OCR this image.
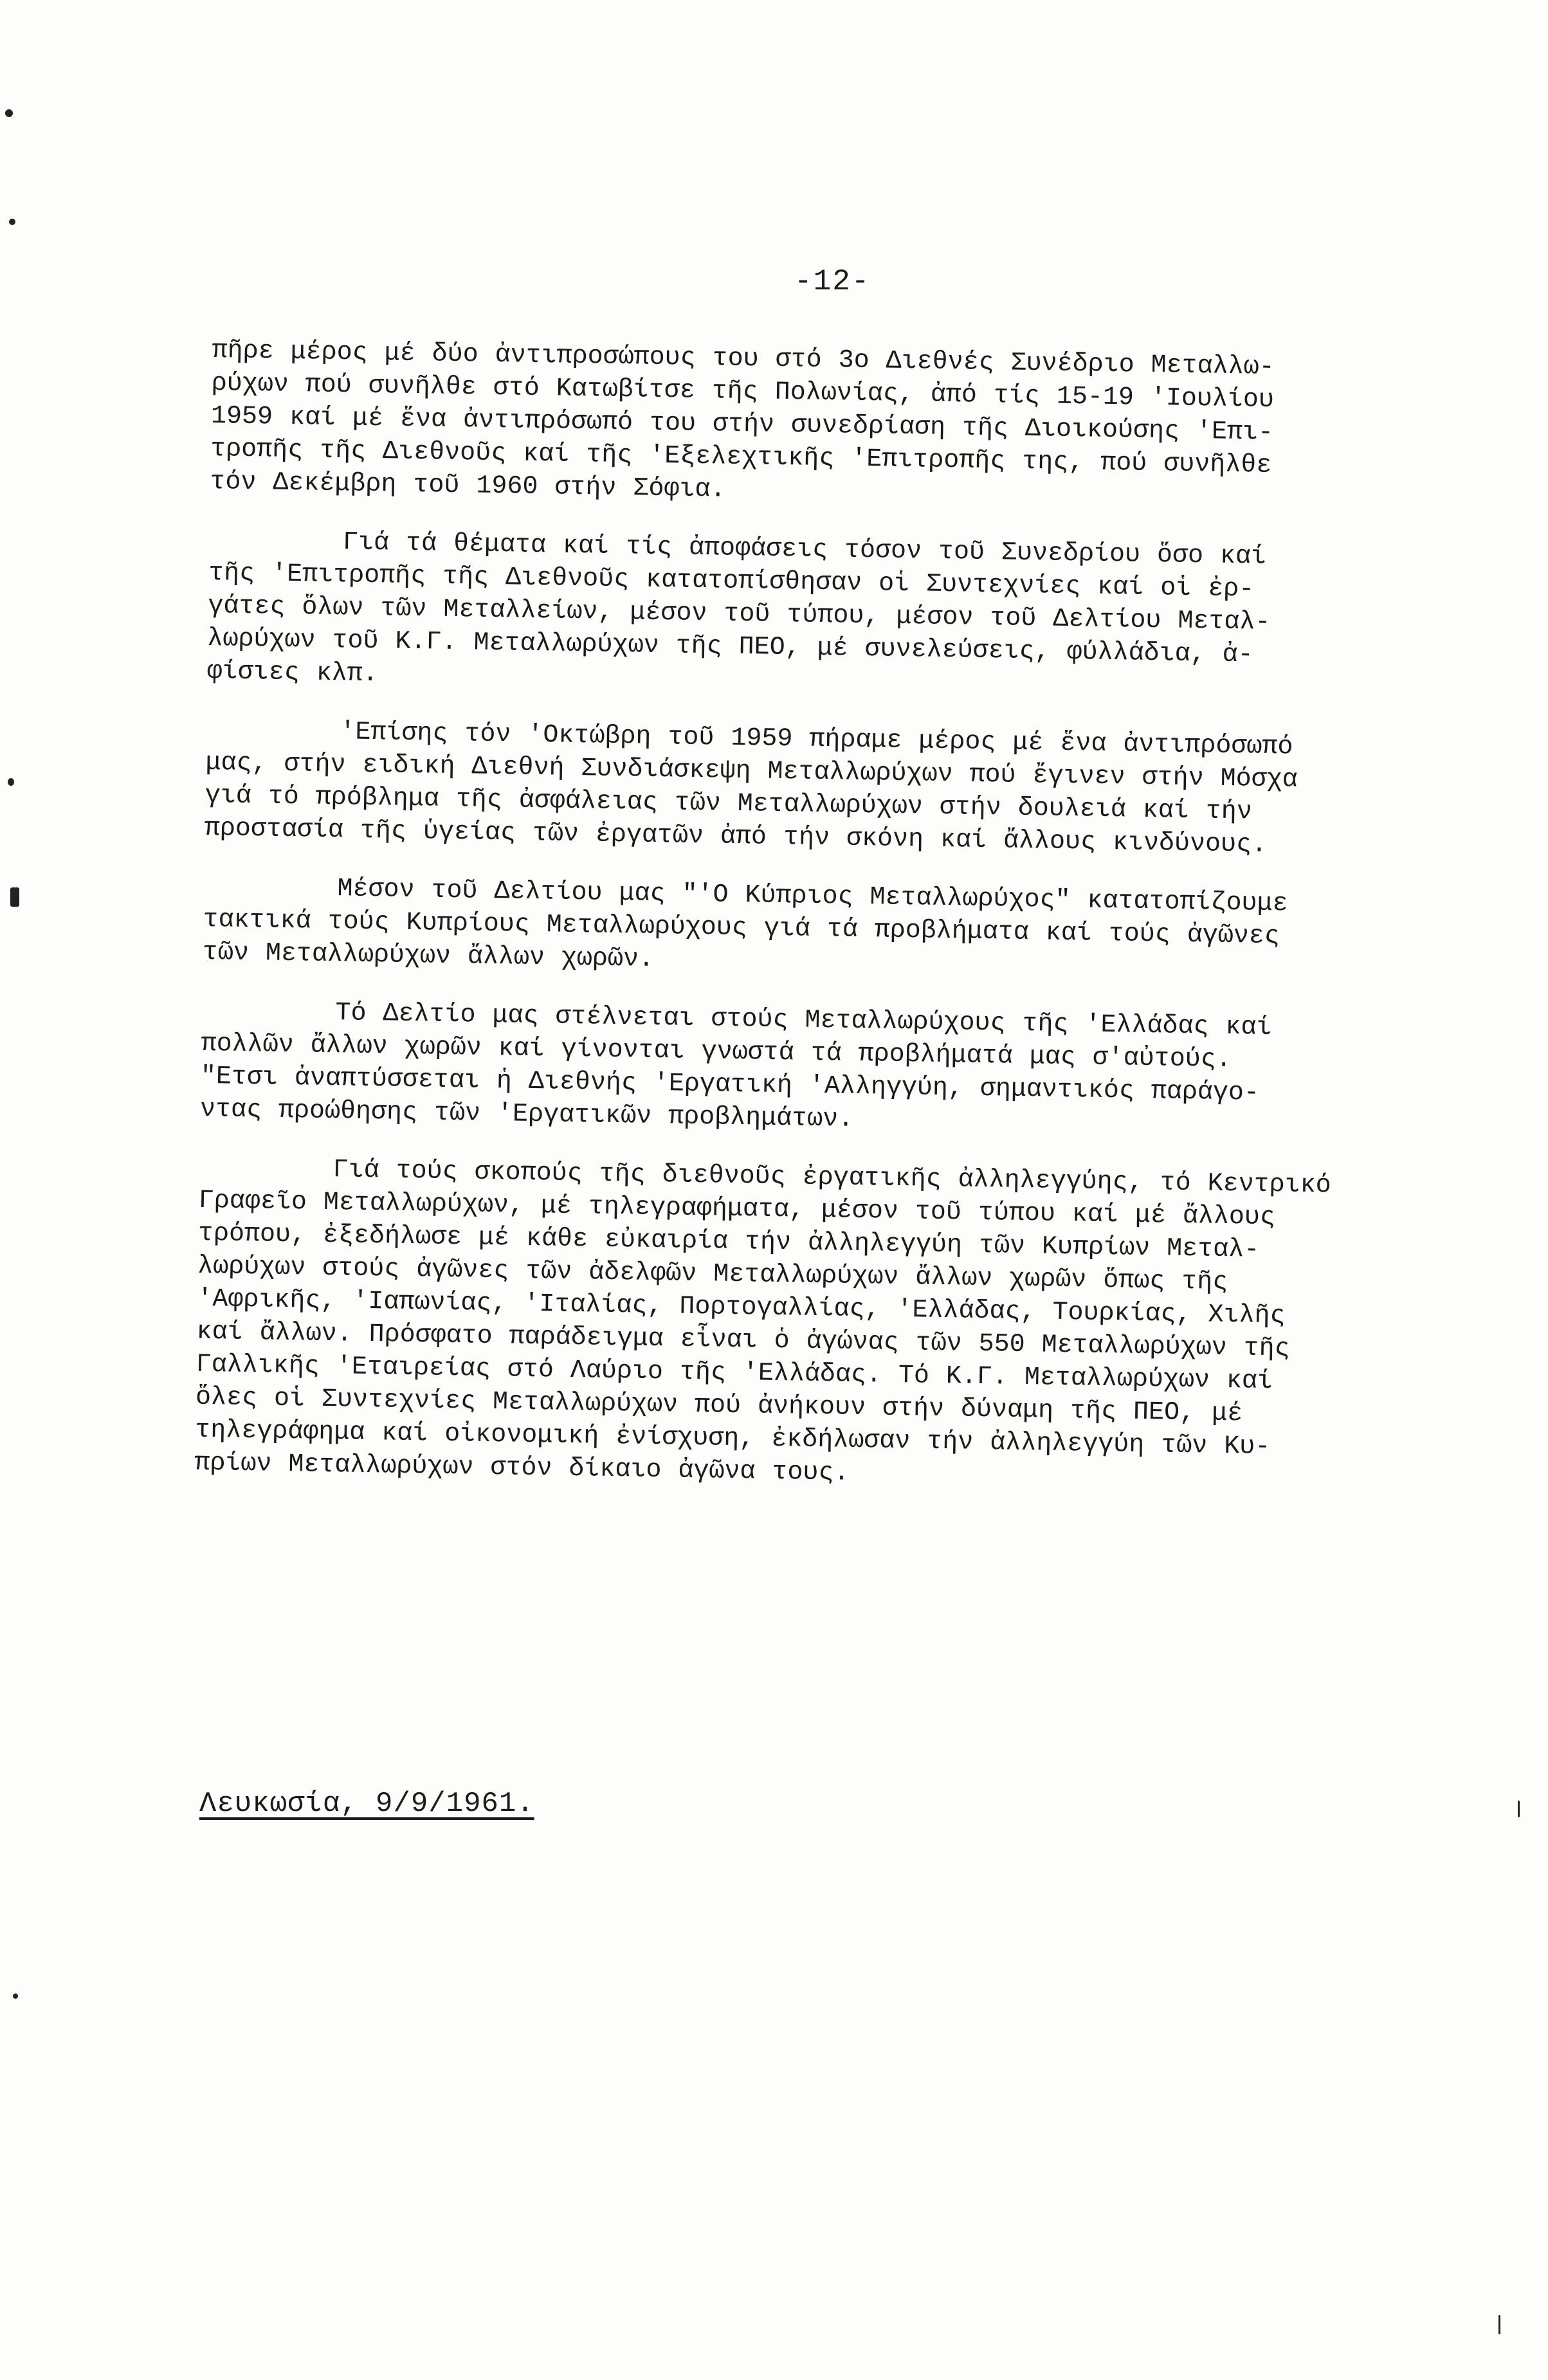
-12-

πῆρε μέρος μέ δύο ἀντιπροσώπους του στό 3ο Διεθνές Συνέδριο Μεταλλω-
ρύχων πού συνῆλθε στό Κατωβίτσε τῆς Πολωνίας, ἀπό τίς 15-19 'Ιουλίου
1959 καί μέ ἕνα ἀντιπρόσωπό του στήν συνεδρίαση τῆς Διοικούσης 'Επι-
τροπῆς τῆς Διεθνοῦς καί τῆς 'Εξελεχτικῆς 'Επιτροπῆς της, πού συνῆλθε
τόν Δεκέμβρη τοῦ 1960 στήν Σόφια.

Γιά τά θέματα καί τίς ἀποφάσεις τόσον τοῦ Συνεδρίου ὅσο καί
τῆς 'Επιτροπῆς τῆς Διεθνοῦς κατατοπίσθησαν οἱ Συντεχνίες καί οἱ ἐρ-
γάτες ὅλων τῶν Μεταλλείων, μέσον τοῦ τύπου, μέσον τοῦ Δελτίου Μεταλ-
λωρύχων τοῦ Κ.Γ. Μεταλλωρύχων τῆς ΠΕΟ, μέ συνελεύσεις, φύλλάδια, ἀ-
φίσιες κλπ.

'Επίσης τόν 'Οκτώβρη τοῦ 1959 πήραμε μέρος μέ ἕνα ἀντιπρόσωπό
μας, στήν ειδική Διεθνή Συνδιάσκεψη Μεταλλωρύχων πού ἔγινεν στήν Μόσχα
γιά τό πρόβλημα τῆς ἀσφάλειας τῶν Μεταλλωρύχων στήν δουλειά καί τήν
προστασία τῆς ὑγείας τῶν ἐργατῶν ἀπό τήν σκόνη καί ἄλλους κινδύνους.

Μέσον τοῦ Δελτίου μας "'Ο Κύπριος Μεταλλωρύχος" κατατοπίζουμε
τακτικά τούς Κυπρίους Μεταλλωρύχους γιά τά προβλήματα καί τούς ἀγῶνες
τῶν Μεταλλωρύχων ἄλλων χωρῶν.

Τό Δελτίο μας στέλνεται στούς Μεταλλωρύχους τῆς 'Ελλάδας καί
πολλῶν ἄλλων χωρῶν καί γίνονται γνωστά τά προβλήματά μας σ'αὐτούς.
"Ετσι ἀναπτύσσεται ἡ Διεθνής 'Εργατική 'Αλληγγύη, σημαντικός παράγο-
ντας προώθησης τῶν 'Εργατικῶν προβλημάτων.

Γιά τούς σκοπούς τῆς διεθνοῦς ἐργατικῆς ἀλληλεγγύης, τό Κεντρικό
Γραφεῖο Μεταλλωρύχων, μέ τηλεγραφήματα, μέσον τοῦ τύπου καί μέ ἄλλους
τρόπου, ἐξεδήλωσε μέ κάθε εὐκαιρία τήν ἀλληλεγγύη τῶν Κυπρίων Μεταλ-
λωρύχων στούς ἀγῶνες τῶν ἀδελφῶν Μεταλλωρύχων ἄλλων χωρῶν ὅπως τῆς
'Αφρικῆς, 'Ιαπωνίας, 'Ιταλίας, Πορτογαλλίας, 'Ελλάδας, Τουρκίας, Χιλῆς
καί ἄλλων. Πρόσφατο παράδειγμα εἶναι ὁ ἀγώνας τῶν 550 Μεταλλωρύχων τῆς
Γαλλικῆς 'Εταιρείας στό Λαύριο τῆς 'Ελλάδας. Τό Κ.Γ. Μεταλλωρύχων καί
ὅλες οἱ Συντεχνίες Μεταλλωρύχων πού ἀνήκουν στήν δύναμη τῆς ΠΕΟ, μέ
τηλεγράφημα καί οἰκονομική ἐνίσχυση, ἐκδήλωσαν τήν ἀλληλεγγύη τῶν Κυ-
πρίων Μεταλλωρύχων στόν δίκαιο ἀγῶνα τους.

Λευκωσία, 9/9/1961.
